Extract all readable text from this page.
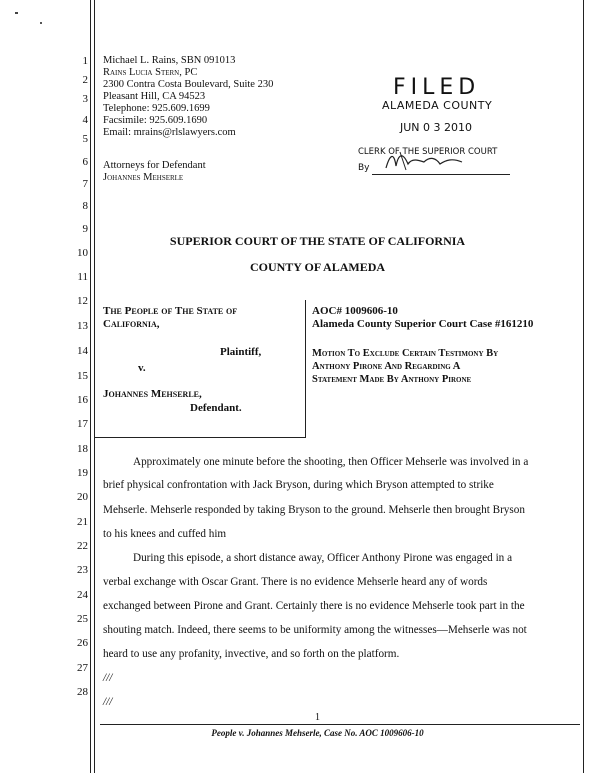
1
2
3
4
5
6
7
8
9
10
11
12
13
14
15
16
17
18
19
20
21
22
23
24
25
26
27
28
Michael L. Rains, SBN 091013
Rains Lucia Stern, PC
2300 Contra Costa Boulevard, Suite 230
Pleasant Hill, CA 94523
Telephone: 925.609.1699
Facsimile: 925.609.1690
Email: mrains@rlslawyers.com
Attorneys for Defendant
Johannes Mehserle
FILED
ALAMEDA COUNTY
JUN 0 3 2010
CLERK OF THE SUPERIOR COURT
By
SUPERIOR COURT OF THE STATE OF CALIFORNIA
COUNTY OF ALAMEDA
The People of The State of
California,
Plaintiff,
v.
Johannes Mehserle,
Defendant.
AOC# 1009606-10
Alameda County Superior Court Case #161210
Motion To Exclude Certain Testimony By
Anthony Pirone And Regarding A
Statement Made By Anthony Pirone
Approximately one minute before the shooting, then Officer Mehserle was involved in a
brief physical confrontation with Jack Bryson, during which Bryson attempted to strike
Mehserle. Mehserle responded by taking Bryson to the ground. Mehserle then brought Bryson
to his knees and cuffed him
During this episode, a short distance away, Officer Anthony Pirone was engaged in a
verbal exchange with Oscar Grant. There is no evidence Mehserle heard any of words
exchanged between Pirone and Grant. Certainly there is no evidence Mehserle took part in the
shouting match. Indeed, there seems to be uniformity among the witnesses—Mehserle was not
heard to use any profanity, invective, and so forth on the platform.
///
///
1
People v. Johannes Mehserle, Case No. AOC 1009606-10
